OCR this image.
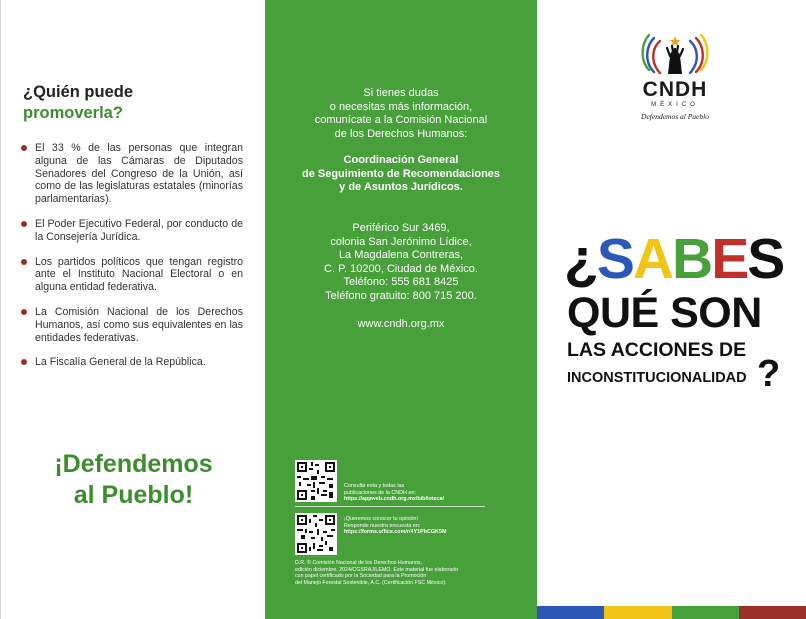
¿Quién puede
promoverla?
El 33 % de las personas que integran alguna de las Cámaras de Diputados Senadores del Congreso de la Unión, así como de las legislaturas estatales (minorías parlamentarias).
El Poder Ejecutivo Federal, por conducto de la Consejería Jurídica.
Los partidos políticos que tengan registro ante el Instituto Nacional Electoral o en alguna entidad federativa.
La Comisión Nacional de los Derechos Humanos, así como sus equivalentes en las entidades federativas.
La Fiscalía General de la República.
¡Defendemos
al Pueblo!
Si tienes dudas
o necesitas más información,
comunícate a la Comisión Nacional
de los Derechos Humanos:
Coordinación General
de Seguimiento de Recomendaciones
y de Asuntos Jurídicos.
Periférico Sur 3469,
colonia San Jerónimo Lídice,
La Magdalena Contreras,
C. P. 10200, Ciudad de México.
Teléfono: 555 681 8425
Teléfono gratuito: 800 715 200.
www.cndh.org.mx
Consulta esta y todas las
publicaciones de la CNDH en:
https://appweb.cndh.org.mx/biblioteca/
¡Queremos conocer tu opinión!
Responde nuestra encuesta en:
https://forms.office.com/r/4Y1PbCGK5M
D.R. © Comisión Nacional de los Derechos Humanos,
edición diciembre, 2024/CGSRAJ/LEMO. Este material fue elaborado
con papel certificado por la Sociedad para la Promoción
del Manejo Forestal Sostenible, A.C. (Certificación FSC México).
CNDH
MÉXICO
Defendemos al Pueblo
¿SABES
QUÉ SON
LAS ACCIONES DE
INCONSTITUCIONALIDAD ?
